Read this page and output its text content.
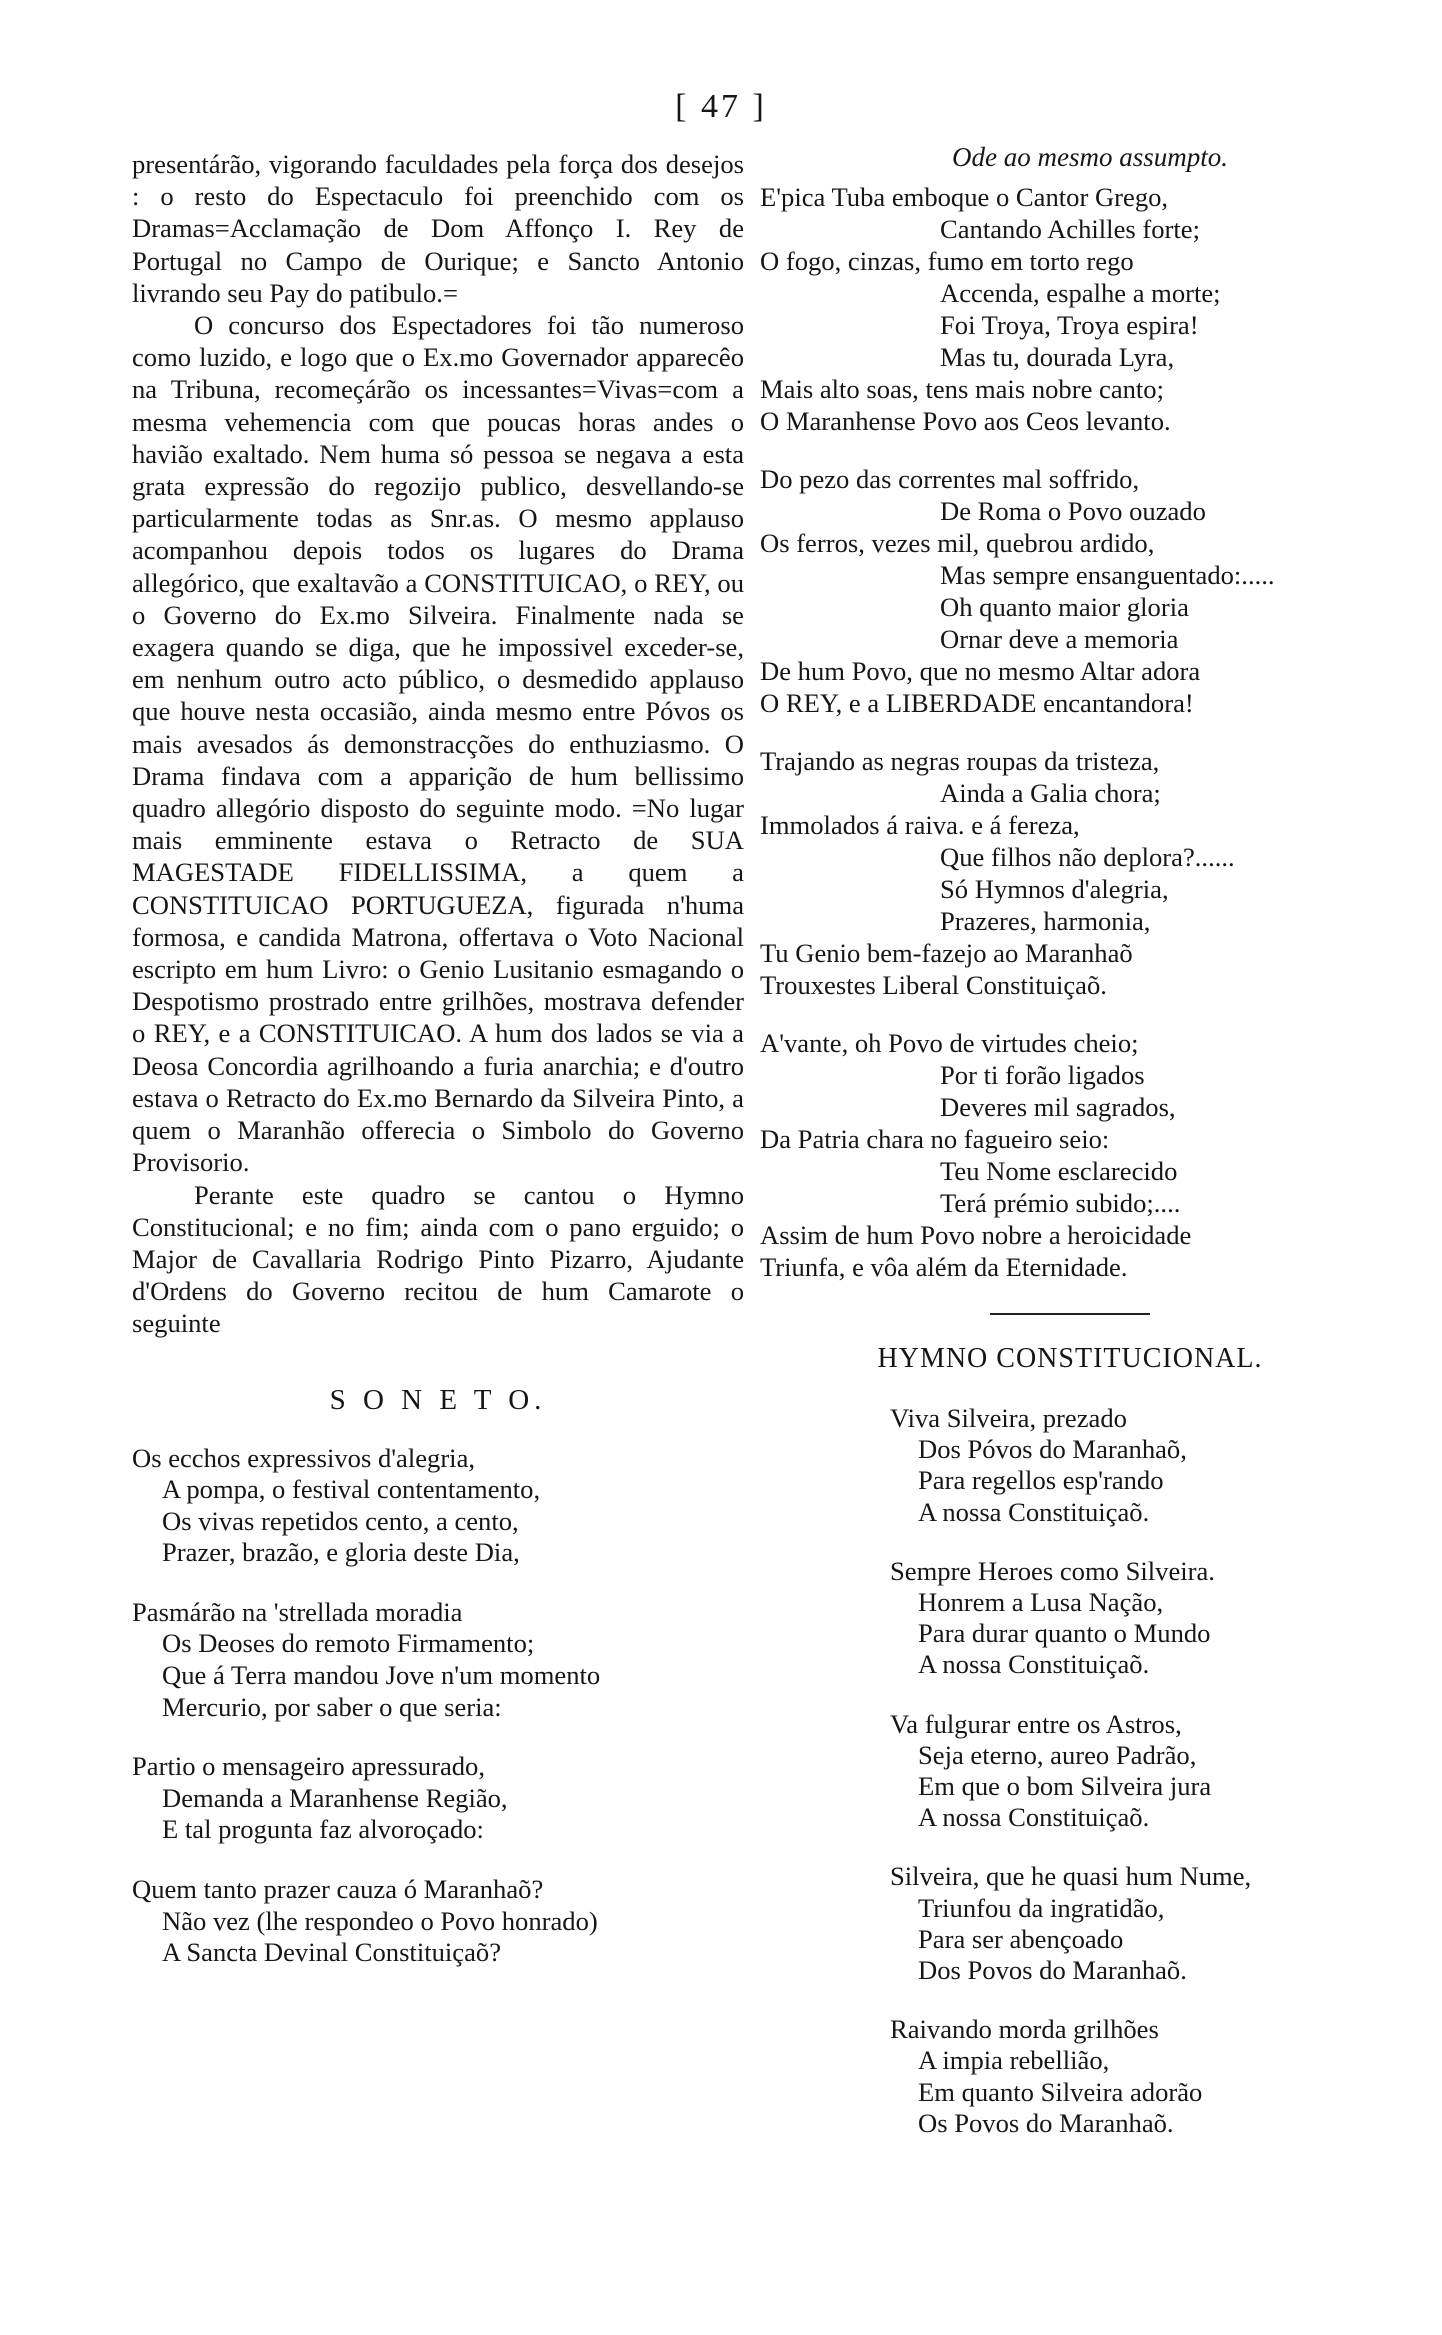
[ 47 ]

presentárão, vigorando faculdades pela força dos desejos : o resto do Espectaculo foi preenchido com os Dramas=Acclamação de Dom Affonço I. Rey de Portugal no Campo de Ourique; e Sancto Antonio livrando seu Pay do patibulo.=

O concurso dos Espectadores foi tão numeroso como luzido, e logo que o Ex.mo Governador apparecêo na Tribuna, recomeçárão os incessantes=Vivas=com a mesma vehemencia com que poucas horas andes o havião exaltado. Nem huma só pessoa se negava a esta grata expressão do regozijo publico, desvellando-se particularmente todas as Snr.as. O mesmo applauso acompanhou depois todos os lugares do Drama allegórico, que exaltavão a CONSTITUICAO, o REY, ou o Governo do Ex.mo Silveira. Finalmente nada se exagera quando se diga, que he impossivel exceder-se, em nenhum outro acto público, o desmedido applauso que houve nesta occasião, ainda mesmo entre Póvos os mais avesados ás demonstracções do enthuziasmo. O Drama findava com a apparição de hum bellissimo quadro allegório disposto do seguinte modo. =No lugar mais emminente estava o Retracto de SUA MAGESTADE FIDELLISSIMA, a quem a CONSTITUICAO PORTUGUEZA, figurada n'huma formosa, e candida Matrona, offertava o Voto Nacional escripto em hum Livro: o Genio Lusitanio esmagando o Despotismo prostrado entre grilhões, mostrava defender o REY, e a CONSTITUICAO. A hum dos lados se via a Deosa Concordia agrilhoando a furia anarchia; e d'outro estava o Retracto do Ex.mo Bernardo da Silveira Pinto, a quem o Maranhão offerecia o Simbolo do Governo Provisorio.

Perante este quadro se cantou o Hymno Constitucional; e no fim; ainda com o pano erguido; o Major de Cavallaria Rodrigo Pinto Pizarro, Ajudante d'Ordens do Governo recitou de hum Camarote o seguinte

S O N E T O.
Os ecchos expressivos d'alegria,
A pompa, o festival contentamento,
Os vivas repetidos cento, a cento,
Prazer, brazão, e gloria deste Dia,
Pasmárão na 'strellada moradia
Os Deoses do remoto Firmamento;
Que á Terra mandou Jove n'um momento
Mercurio, por saber o que seria:
Partio o mensageiro apressurado,
Demanda a Maranhense Região,
E tal progunta faz alvoroçado:
Quem tanto prazer cauza ó Maranhaõ?
Não vez (lhe respondeo o Povo honrado)
A Sancta Devinal Constituiçaõ?
Ode ao mesmo assumpto.
E'pica Tuba emboque o Cantor Grego,
Cantando Achilles forte;
O fogo, cinzas, fumo em torto rego
Accenda, espalhe a morte;
Foi Troya, Troya espira!
Mas tu, dourada Lyra,
Mais alto soas, tens mais nobre canto;
O Maranhense Povo aos Ceos levanto.
Do pezo das correntes mal soffrido,
De Roma o Povo ouzado
Os ferros, vezes mil, quebrou ardido,
Mas sempre ensanguentado:.....
Oh quanto maior gloria
Ornar deve a memoria
De hum Povo, que no mesmo Altar adora
O REY, e a LIBERDADE encantandora!
Trajando as negras roupas da tristeza,
Ainda a Galia chora;
Immolados á raiva. e á fereza,
Que filhos não deplora?......
Só Hymnos d'alegria,
Prazeres, harmonia,
Tu Genio bem-fazejo ao Maranhaõ
Trouxestes Liberal Constituiçaõ.
A'vante, oh Povo de virtudes cheio;
Por ti forão ligados
Deveres mil sagrados,
Da Patria chara no fagueiro seio:
Teu Nome esclarecido
Terá prémio subido;....
Assim de hum Povo nobre a heroicidade
Triunfa, e vôa além da Eternidade.
HYMNO CONSTITUCIONAL.
Viva Silveira, prezado
Dos Póvos do Maranhaõ,
Para regellos esp'rando
A nossa Constituiçaõ.
Sempre Heroes como Silveira.
Honrem a Lusa Nação,
Para durar quanto o Mundo
A nossa Constituiçaõ.
Va fulgurar entre os Astros,
Seja eterno, aureo Padrão,
Em que o bom Silveira jura
A nossa Constituiçaõ.
Silveira, que he quasi hum Nume,
Triunfou da ingratidão,
Para ser abençoado
Dos Povos do Maranhaõ.
Raivando morda grilhões
A impia rebellião,
Em quanto Silveira adorão
Os Povos do Maranhaõ.
